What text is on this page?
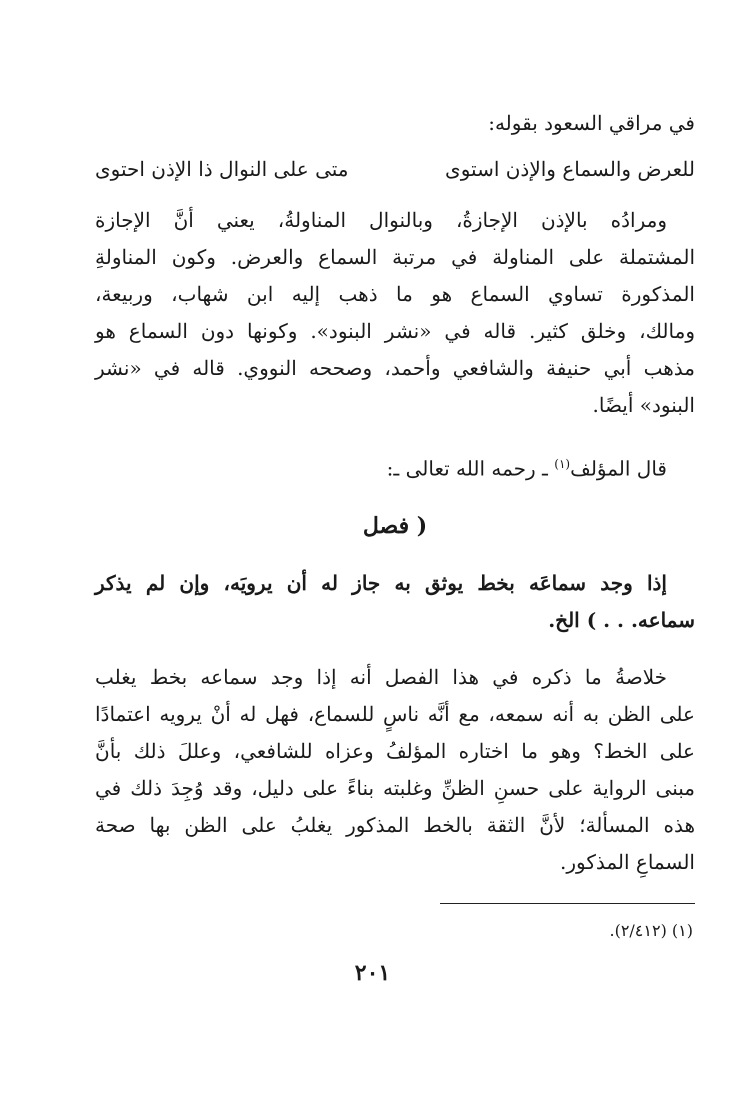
في مراقي السعود بقوله:

للعرض والسماع والإذن استوى
متى على النوال ذا الإذن احتوى

ومرادُه بالإذن الإجازةُ، وبالنوال المناولةُ، يعني أنَّ الإجازة

المشتملة على المناولة في مرتبة السماع والعرض. وكون المناولةِ

المذكورة تساوي السماع هو ما ذهب إليه ابن شهاب، وربيعة،

ومالك، وخلق كثير. قاله في «نشر البنود». وكونها دون السماع هو

مذهب أبي حنيفة والشافعي وأحمد، وصححه النووي. قاله في «نشر

البنود» أيضًا.

قال المؤلف$^{(١)}$ ـ رحمه الله تعالى ـ:

( فصل

إذا وجد سماعَه بخط يوثق به جاز له أن يرويَه، وإن لم يذكر

سماعه. . . ) الخ.

خلاصةُ ما ذكره في هذا الفصل أنه إذا وجد سماعه بخط يغلب

على الظن به أنه سمعه، مع أنَّه ناسٍ للسماع، فهل له أنْ يرويه اعتمادًا

على الخط؟ وهو ما اختاره المؤلفُ وعزاه للشافعي، وعللَ ذلك بأنَّ

مبنى الرواية على حسنِ الظنِّ وغلبته بناءً على دليل، وقد وُجِدَ ذلك في

هذه المسألة؛ لأنَّ الثقة بالخط المذكور يغلبُ على الظن بها صحة

السماعِ المذكور.

(١) (٢/٤١٢).
٢٠١
